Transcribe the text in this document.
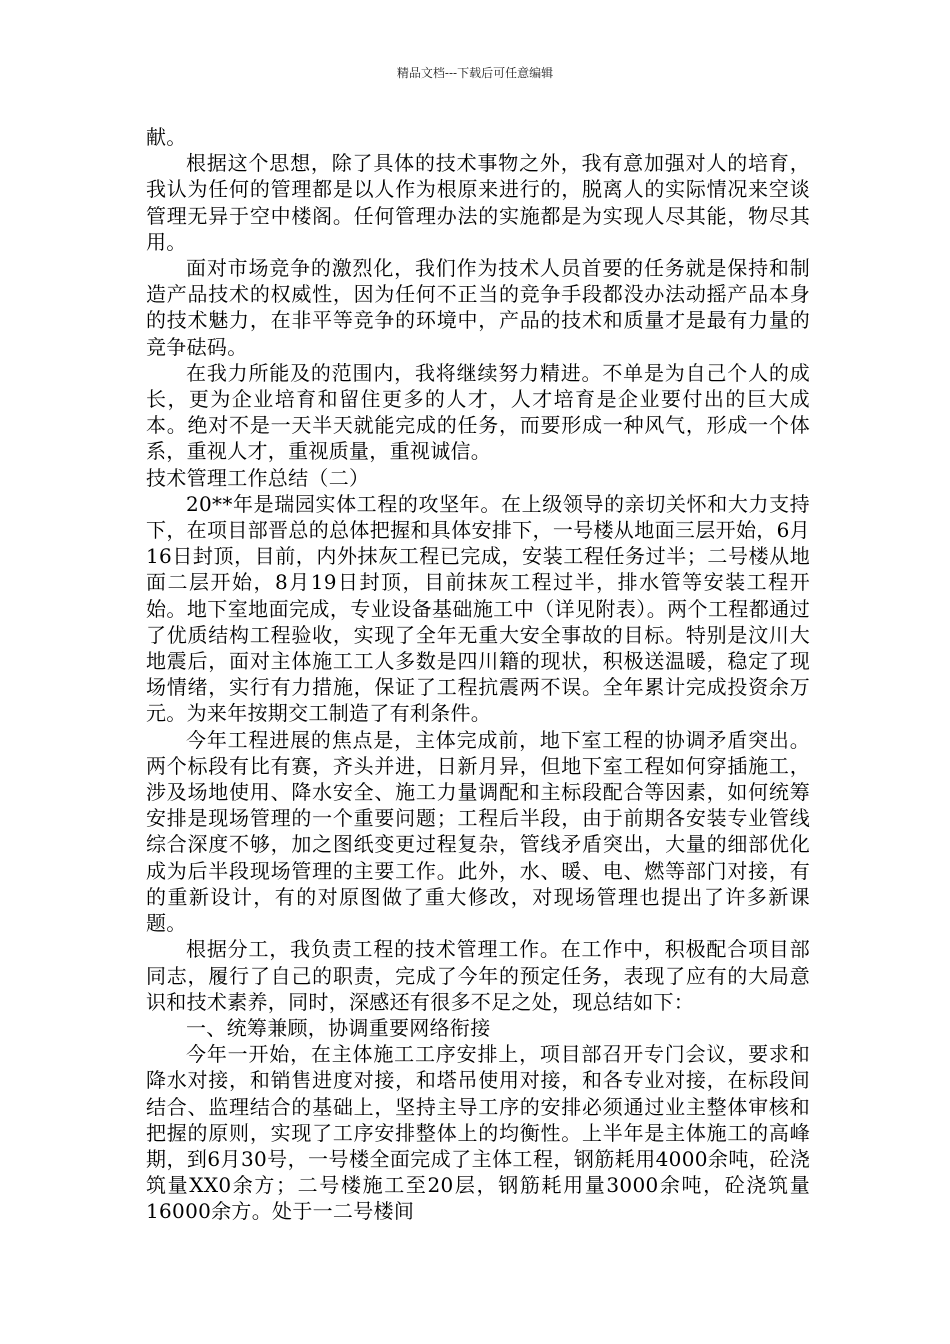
精品文档---下载后可任意编辑

献。

根据这个思想，除了具体的技术事物之外，我有意加强对人的培育，我认为任何的管理都是以人作为根原来进行的，脱离人的实际情况来空谈管理无异于空中楼阁。任何管理办法的实施都是为实现人尽其能，物尽其用。

面对市场竞争的激烈化，我们作为技术人员首要的任务就是保持和制造产品技术的权威性，因为任何不正当的竞争手段都没办法动摇产品本身的技术魅力，在非平等竞争的环境中，产品的技术和质量才是最有力量的竞争砝码。

在我力所能及的范围内，我将继续努力精进。不单是为自己个人的成长，更为企业培育和留住更多的人才，人才培育是企业要付出的巨大成本。绝对不是一天半天就能完成的任务，而要形成一种风气，形成一个体系，重视人才，重视质量，重视诚信。

技术管理工作总结（二）

20**年是瑞园实体工程的攻坚年。在上级领导的亲切关怀和大力支持下，在项目部晋总的总体把握和具体安排下，一号楼从地面三层开始，6月16日封顶，目前，内外抹灰工程已完成，安装工程任务过半；二号楼从地面二层开始，8月19日封顶，目前抹灰工程过半，排水管等安装工程开始。地下室地面完成，专业设备基础施工中（详见附表）。两个工程都通过了优质结构工程验收，实现了全年无重大安全事故的目标。特别是汶川大地震后，面对主体施工工人多数是四川籍的现状，积极送温暖，稳定了现场情绪，实行有力措施，保证了工程抗震两不误。全年累计完成投资余万元。为来年按期交工制造了有利条件。

今年工程进展的焦点是，主体完成前，地下室工程的协调矛盾突出。两个标段有比有赛，齐头并进，日新月异，但地下室工程如何穿插施工，涉及场地使用、降水安全、施工力量调配和主标段配合等因素，如何统筹安排是现场管理的一个重要问题；工程后半段，由于前期各安装专业管线综合深度不够，加之图纸变更过程复杂，管线矛盾突出，大量的细部优化成为后半段现场管理的主要工作。此外，水、暖、电、燃等部门对接，有的重新设计，有的对原图做了重大修改，对现场管理也提出了许多新课题。

根据分工，我负责工程的技术管理工作。在工作中，积极配合项目部同志，履行了自己的职责，完成了今年的预定任务，表现了应有的大局意识和技术素养，同时，深感还有很多不足之处，现总结如下：

一、统筹兼顾，协调重要网络衔接

今年一开始，在主体施工工序安排上，项目部召开专门会议，要求和降水对接，和销售进度对接，和塔吊使用对接，和各专业对接，在标段间结合、监理结合的基础上，坚持主导工序的安排必须通过业主整体审核和把握的原则，实现了工序安排整体上的均衡性。上半年是主体施工的高峰期，到6月30号，一号楼全面完成了主体工程，钢筋耗用4000余吨，砼浇筑量XX0余方；二号楼施工至20层，钢筋耗用量3000余吨，砼浇筑量16000余方。处于一二号楼间
